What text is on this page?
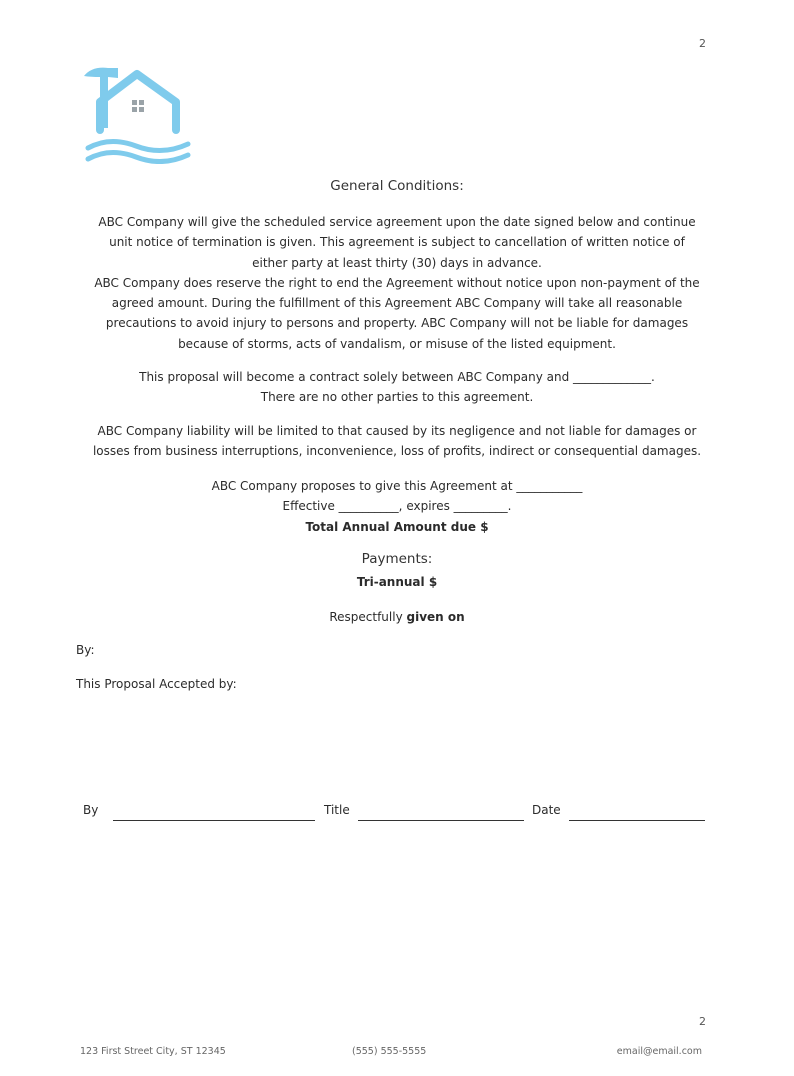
2
General Conditions:
ABC Company will give the scheduled service agreement upon the date signed below and continue
unit notice of termination is given. This agreement is subject to cancellation of written notice of
either party at least thirty (30) days in advance.
ABC Company does reserve the right to end the Agreement without notice upon non-payment of the
agreed amount. During the fulfillment of this Agreement ABC Company will take all reasonable
precautions to avoid injury to persons and property. ABC Company will not be liable for damages
because of storms, acts of vandalism, or misuse of the listed equipment.
This proposal will become a contract solely between ABC Company and _____________.
There are no other parties to this agreement.
ABC Company liability will be limited to that caused by its negligence and not liable for damages or
losses from business interruptions, inconvenience, loss of profits, indirect or consequential damages.
ABC Company proposes to give this Agreement at ___________
Effective __________, expires _________.
Total Annual Amount due $
Payments:
Tri-annual $
Respectfully given on
By:
This Proposal Accepted by:
By	Title	Date
2
123 First Street City, ST 12345	(555) 555-5555	email@email.com
